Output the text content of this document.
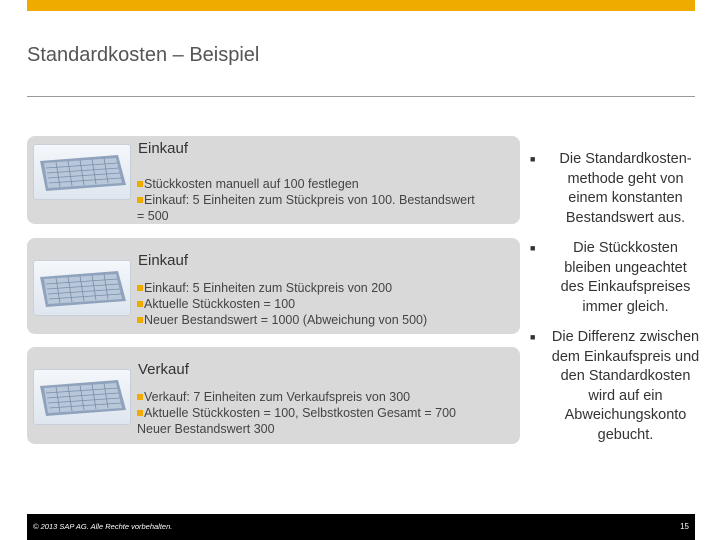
Standardkosten – Beispiel
Einkauf
Stückkosten manuell auf 100 festlegen
Einkauf: 5 Einheiten zum Stückpreis von 100. Bestandswert
= 500
Einkauf
Einkauf: 5 Einheiten zum Stückpreis von 200
Aktuelle Stückkosten = 100
Neuer Bestandswert = 1000 (Abweichung von 500)
Verkauf
Verkauf: 7 Einheiten zum Verkaufspreis von 300
Aktuelle Stückkosten = 100, Selbstkosten Gesamt = 700
Neuer Bestandswert 300
■	Die Standardkosten-methode geht von einem konstanten Bestandswert aus.
■	Die Stückkosten bleiben ungeachtet des Einkaufspreises immer gleich.
■ Die Differenz zwischen dem Einkaufspreis und den Standardkosten wird auf ein Abweichungskonto gebucht.
© 2013 SAP AG. Alle Rechte vorbehalten.	15
